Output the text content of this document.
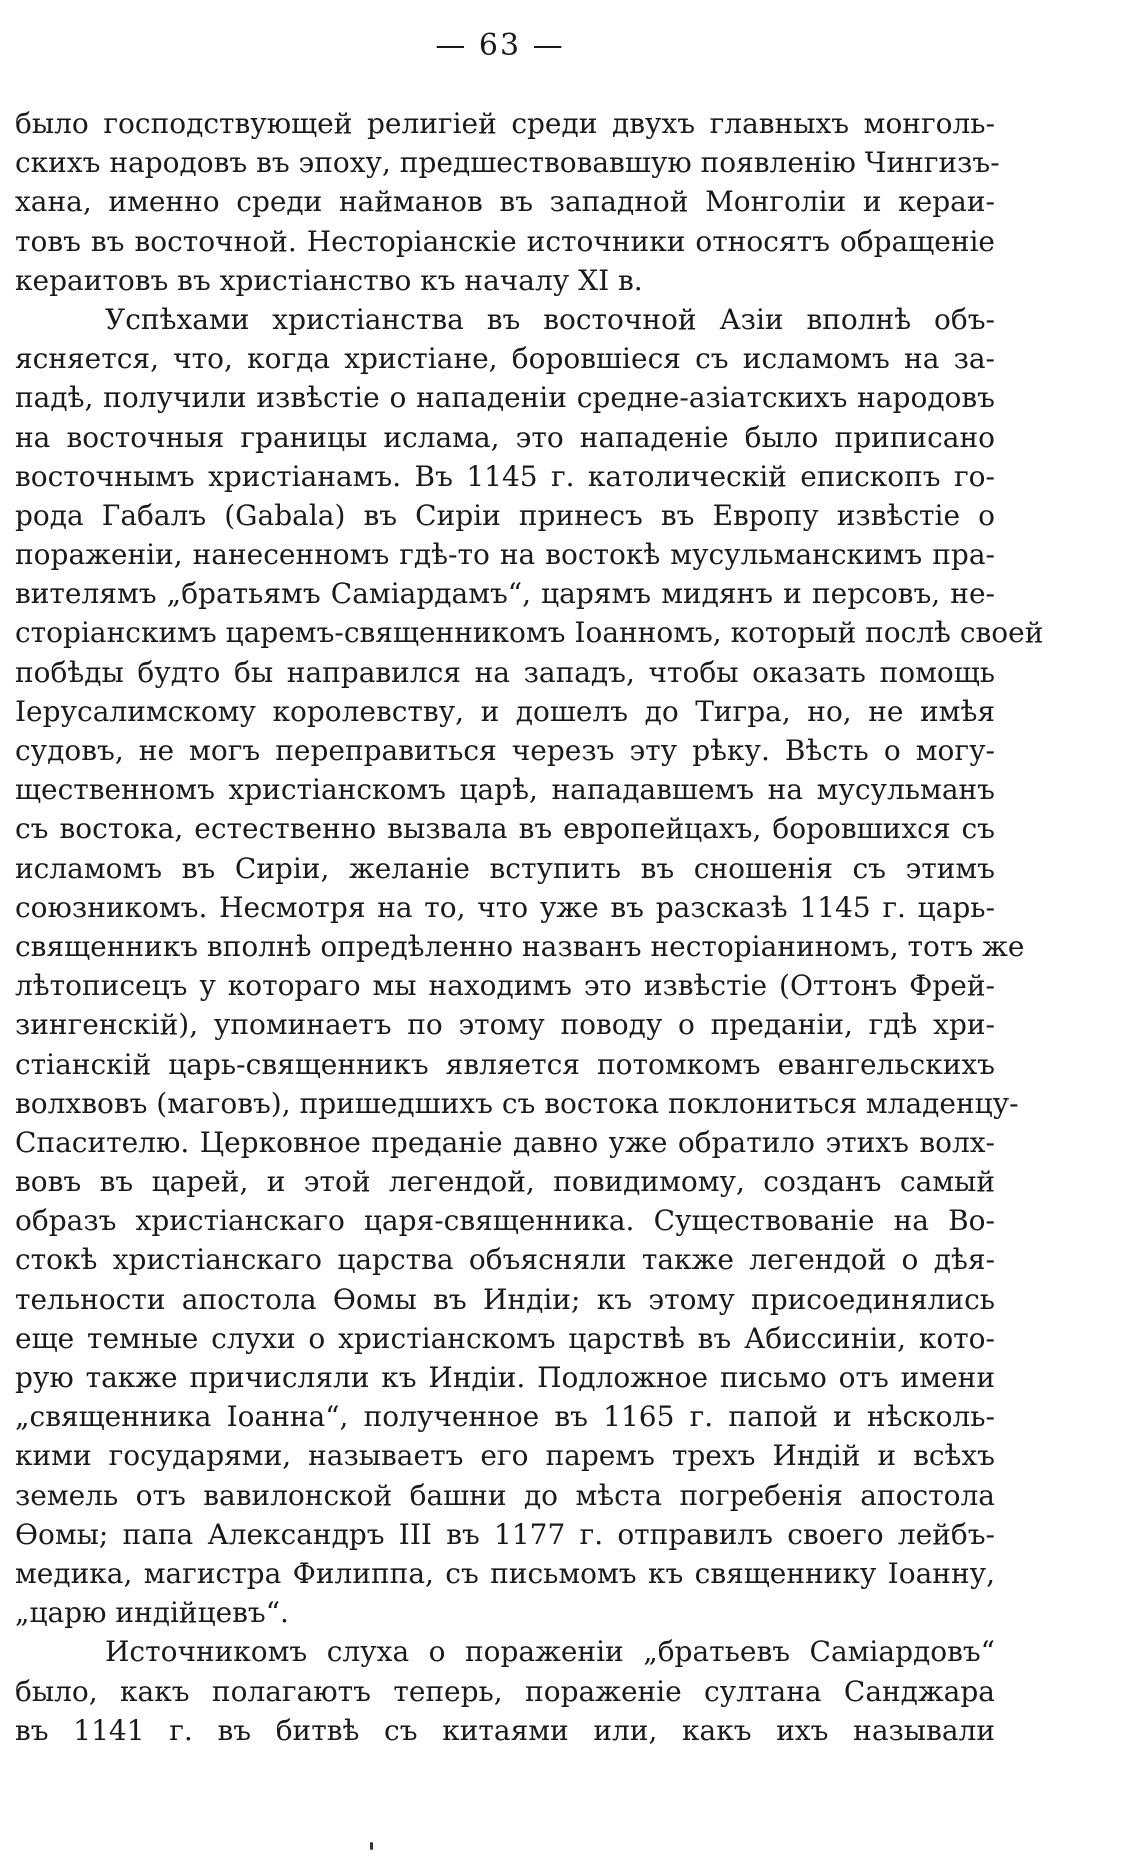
— 63 —
было господствующей религіей среди двухъ главныхъ монголь-
скихъ народовъ въ эпоху, предшествовавшую появленію Чингизъ-
хана, именно среди найманов въ западной Монголіи и кераи-
товъ въ восточной. Несторіанскіе источники относятъ обращеніе
кераитовъ въ христіанство къ началу XI в.
Успѣхами христіанства въ восточной Азіи вполнѣ объ-
ясняется, что, когда христіане, боровшіеся съ исламомъ на за-
падѣ, получили извѣстіе о нападеніи средне-азіатскихъ народовъ
на восточныя границы ислама, это нападеніе было приписано
восточнымъ христіанамъ. Въ 1145 г. католическій епископъ го-
рода Габалъ (Gabala) въ Сиріи принесъ въ Европу извѣстіе о
пораженіи, нанесенномъ гдѣ-то на востокѣ мусульманскимъ пра-
вителямъ „братьямъ Саміардамъ“, царямъ мидянъ и персовъ, не-
сторіанскимъ царемъ-священникомъ Іоанномъ, который послѣ своей
побѣды будто бы направился на западъ, чтобы оказать помощь
Іерусалимскому королевству, и дошелъ до Тигра, но, не имѣя
судовъ, не могъ переправиться черезъ эту рѣку. Вѣсть о могу-
щественномъ христіанскомъ царѣ, нападавшемъ на мусульманъ
съ востока, естественно вызвала въ европейцахъ, боровшихся съ
исламомъ въ Сиріи, желаніе вступить въ сношенія съ этимъ
союзникомъ. Несмотря на то, что уже въ разсказѣ 1145 г. царь-
священникъ вполнѣ опредѣленно названъ несторіаниномъ, тотъ же
лѣтописецъ у котораго мы находимъ это извѣстіе (Оттонъ Фрей-
зингенскій), упоминаетъ по этому поводу о преданіи, гдѣ хри-
стіанскій царь-священникъ является потомкомъ евангельскихъ
волхвовъ (маговъ), пришедшихъ съ востока поклониться младенцу-
Спасителю. Церковное преданіе давно уже обратило этихъ волх-
вовъ въ царей, и этой легендой, повидимому, созданъ самый
образъ христіанскаго царя-священника. Существованіе на Во-
стокѣ христіанскаго царства объясняли также легендой о дѣя-
тельности апостола Ѳомы въ Индіи; къ этому присоединялись
еще темные слухи о христіанскомъ царствѣ въ Абиссиніи, кото-
рую также причисляли къ Индіи. Подложное письмо отъ имени
„священника Іоанна“, полученное въ 1165 г. папой и нѣсколь-
кими государями, называетъ его паремъ трехъ Индій и всѣхъ
земель отъ вавилонской башни до мѣста погребенія апостола
Ѳомы; папа Александръ III въ 1177 г. отправилъ своего лейбъ-
медика, магистра Филиппа, съ письмомъ къ священнику Іоанну,
„царю индійцевъ“.
Источникомъ слуха о пораженіи „братьевъ Саміардовъ“
было, какъ полагаютъ теперь, пораженіе султана Санджара
въ 1141 г. въ битвѣ съ китаями или, какъ ихъ называли
